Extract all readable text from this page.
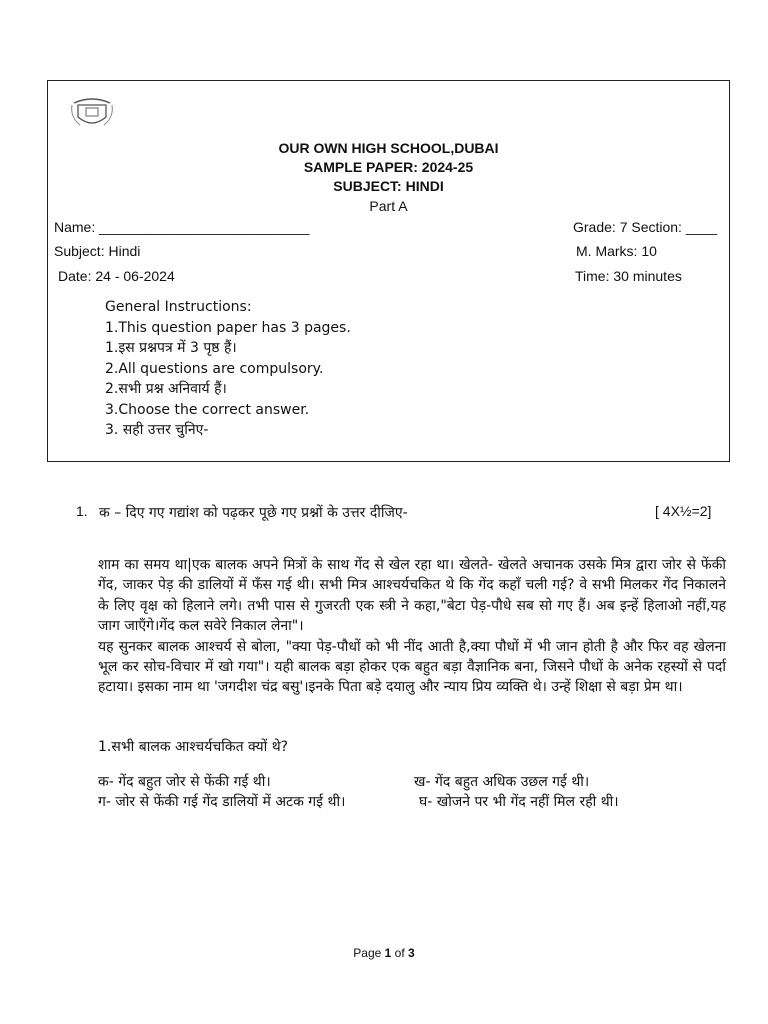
OUR OWN HIGH SCHOOL,DUBAI
SAMPLE PAPER: 2024-25
SUBJECT: HINDI
Part A
Name: ___________________________	Grade: 7 Section: ____
Subject: Hindi	M. Marks: 10
Date: 24 - 06-2024	Time: 30 minutes
General Instructions:
1.This question paper has 3 pages.
1.इस प्रश्नपत्र में 3 पृष्ठ हैं।
2.All questions are compulsory.
2.सभी प्रश्न अनिवार्य हैं।
3.Choose the correct answer.
3. सही उत्तर चुनिए-
1. क – दिए गए गद्यांश को पढ़कर पूछे गए प्रश्नों के उत्तर दीजिए-	[ 4X½=2]

शाम का समय था|एक बालक अपने मित्रों के साथ गेंद से खेल रहा था। खेलते- खेलते अचानक उसके मित्र द्वारा जोर से फेंकी गेंद, जाकर पेड़ की डालियों में फँस गई थी। सभी मित्र आश्चर्यचकित थे कि गेंद कहाँ चली गई? वे सभी मिलकर गेंद निकालने के लिए वृक्ष को हिलाने लगे। तभी पास से गुजरती एक स्त्री ने कहा,"बेटा पेड़-पौधे सब सो गए हैं। अब इन्हें हिलाओ नहीं,यह जाग जाएँगे।गेंद कल सवेरे निकाल लेना"।

यह सुनकर बालक आश्चर्य से बोला, "क्या पेड़-पौधों को भी नींद आती है,क्या पौधों में भी जान होती है और फिर वह खेलना भूल कर सोच-विचार में खो गया"। यही बालक बड़ा होकर एक बहुत बड़ा वैज्ञानिक बना, जिसने पौधों के अनेक रहस्यों से पर्दा हटाया। इसका नाम था 'जगदीश चंद्र बसु'।इनके पिता बड़े दयालु और न्याय प्रिय व्यक्ति थे। उन्हें शिक्षा से बड़ा प्रेम था।

1.सभी बालक आश्चर्यचकित क्यों थे?
क- गेंद बहुत जोर से फेंकी गई थी।	ख- गेंद बहुत अधिक उछल गई थी।
ग- जोर से फेंकी गई गेंद डालियों में अटक गई थी।	घ- खोजने पर भी गेंद नहीं मिल रही थी।
Page 1 of 3
